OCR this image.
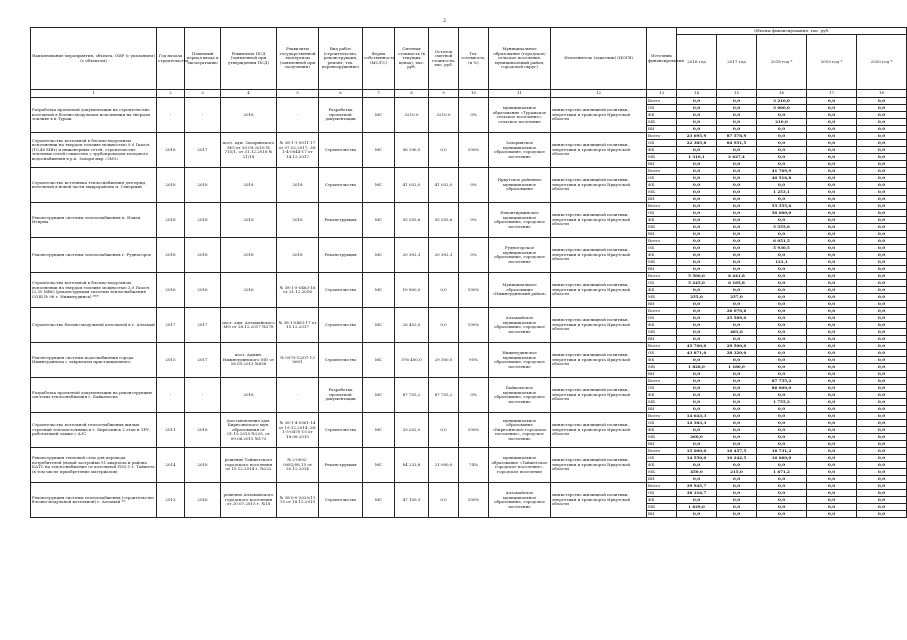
2
Наименование мероприятия, объекта, ОИР (с указанием) (с объектом)	Год начала строительства	Плановый период ввода в эксплуатацию	Реквизиты ПСД (заявленной при утверждении ПСД)	Реквизиты государственной экспертизы (заявленной при получении)	Вид работ (строительство, реконструкция, ремонт, тех. перевооружение)	Форма собственности (МС/ГС)	Сметная стоимость (в текущих ценах), тыс. руб.	Остаток сметной стоимости, тыс. руб.	Тех. готовность, (в %)	Муниципальное образование (городское/сельское поселение, муниципальный район, городской округ)	Исполнитель (заказчик) (ИОГВ)	Источник финансирования	Объемы финансирования, тыс. руб.				
													2016 год	2017 год	2018 год *	2019 год *	2020 год *
1	2	3	4	5	6	7	8	9	10	11	12	13	14	15	16	17	18
Разработка проектной документации на строительство котельной в блочно-модульном исполнении на твердом топливе в п.Тураж	-	-	2018	-	Разработка проектной документации	МС	3210,0	3210,0	0%	муниципальное образование «Туражское сельское поселение», сельское поселение	министерство жилищной политики, энергетики и транспорта Иркутской области	Всего	0,0	0,0	3 210,0	0,0	0,0
												ОБ	0,0	0,0	3 000,0	0,0	0,0
												ФБ	0,0	0,0	0,0	0,0	0,0
												МБ	0,0	0,0	210,0	0,0	0,0
												ВИ	0,0	0,0	0,0	0,0	0,0
Строительство котельной в блочно-модульном исполнении на твердом топливе мощностью 9,0 Гкал/ч (10,46 МВт) и инженерных сетей, строительство тепловых сетей совместно с трубопроводом холодного водоснабжения в р.п. Залари мкр «ЗМЗ»	2016	2017	пост. адм. Заларинского МО от 30.09.2016 № 715/1, от 31.12.2016 № 21/18	№ 38-1-1-0011-17 от 07.02.2017; 38-1-4-0044-17 от 14.12.2017	Строительство	МС	96 296,5	0,0	100%	Заларинское муниципальное образование, городское поселение	министерство жилищной политики, энергетики и транспорта Иркутской области	Всего	23 695,9	87 578,9	0,0	0,0	0,0
												ОБ	22 385,8	84 951,5	0,0	0,0	0,0
												ФБ	0,0	0,0	0,0	0,0	0,0
												МБ	1 310,1	2 627,4	0,0	0,0	0,0
												ВИ	0,0	0,0	0,0	0,0	0,0
Строительство источника теплоснабжения для нужд котельной в новой части микрорайона п. Северный	2018	2018	2018	2018	Строительство	МС	41 032,0	41 032,0	0%	Иркутское районное муниципальное образование	министерство жилищной политики, энергетики и транспорта Иркутской области	Всего	0,0	0,0	41 769,9	0,0	0,0
												ОБ	0,0	0,0	40 516,8	0,0	0,0
												ФБ	0,0	0,0	0,0	0,0	0,0
												МБ	0,0	0,0	1 253,1	0,0	0,0
												ВИ	0,0	0,0	0,0	0,0	0,0
Реконструкция системы теплоснабжения п. Новая Игирма	2018	2018	2018	2018	Реконструкция	МС	55 555,6	55 555,6	0%	Новоигирминское муниципальное образование, городское поселение	министерство жилищной политики, энергетики и транспорта Иркутской области	Всего	0,0	0,0	55 555,6	0,0	0,0
												ОБ	0,0	0,0	50 000,0	0,0	0,0
												ФБ	0,0	0,0	0,0	0,0	0,0
												МБ	0,0	0,0	5 555,6	0,0	0,0
												ВИ	0,0	0,0	0,0	0,0	0,0
Реконструкция системы теплоснабжения г. Рудногорск	2018	2018	2018	2018	Реконструкция	МС	20 392,1	20 392,1	0%	Рудногорское муниципальное образование, городское поселение	министерство жилищной политики, энергетики и транспорта Иркутской области	Всего	0,0	0,0	6 051,5	0,0	0,0
												ОБ	0,0	0,0	5 930,5	0,0	0,0
												ФБ	0,0	0,0	0,0	0,0	0,0
												МБ	0,0	0,0	121,1	0,0	0,0
												ВИ	0,0	0,0	0,0	0,0	0,0
Строительство котельной в блочно-модульном исполнении на твердом топливе мощностью 3,0 Гкал/ч (2,35 МВт) (реконструкция системы теплоснабжения СОШ № 98 г. Нижнеудинск) ***	2016	2016	2016	№ 38-1-5-0483-16 от 21.12.2016	Строительство	МС	10 800,0	0,0	100%	Муниципальное образование «Нижнеудинский район»	министерство жилищной политики, энергетики и транспорта Иркутской области	Всего	5 500,0	6 441,8	0,0	0,0	0,0
												ОБ	5 245,0	6 185,8	0,0	0,0	0,0
												ФБ	0,0	0,0	0,0	0,0	0,0
												МБ	255,0	257,0	0,0	0,0	0,0
												ВИ	0,0	0,0	0,0	0,0	0,0
Строительство блочно-модульной котельной в г. Алзамай	2017	2017	пост. адм. Алзамайского МО от 28.12.2017 №378	№ 38-1-0463-17 от 15.12.2017	Строительство	МС	26 453,0	0,0	100%	Алзамайское муниципальное образование, городское поселение	министерство жилищной политики, энергетики и транспорта Иркутской области	Всего	0,0	26 070,6	0,0	0,0	0,0
												ОБ	0,0	25 589,0	0,0	0,0	0,0
												ФБ	0,0	0,0	0,0	0,0	0,0
												МБ	0,0	481,6	0,0	0,0	0,0
												ВИ	0,0	0,0	0,0	0,0	0,0
Реконструкция системы водоснабжения города Нижнеудинска с закрытием пристанционного	2015	2017	пост. Админ. Нижнеудинского МО от 16.09.2013 №658	№ 0579-12/07-13 0691	Строительство	МС	576 400,0	29 300,0	95%	Нижнеудинское муниципальное образование, городское поселение	министерство жилищной политики, энергетики и транспорта Иркутской области	Всего	45 700,0	29 500,0	0,0	0,0	0,0
												ОБ	43 871,0	28 320,0	0,0	0,0	0,0
												ФБ	0,0	0,0	0,0	0,0	0,0
												МБ	1 828,0	1 180,0	0,0	0,0	0,0
												ВИ	0,0	0,0	0,0	0,0	0,0
Разработка проектной документации на реконструкцию системы теплоснабжения г. Байкальска	-	-	2018	-	Разработка проектной документации	МС	87 755,2	87 755,2	0%	Байкальское муниципальное образование, городское поселение	министерство жилищной политики, энергетики и транспорта Иркутской области	Всего	0,0	0,0	87 755,2	0,0	0,0
												ОБ	0,0	0,0	86 000,0	0,0	0,0
												ФБ	0,0	0,0	0,0	0,0	0,0
												МБ	0,0	0,0	1 755,2	0,0	0,0
												ВИ	0,0	0,0	0,0	0,0	0,0
Строительство котельной теплоснабжения жилых строений теплоисточника в г. Бирюсинск 2 этап и ЗРУ, работающей также с АЗС	2011	2016	(постановление адм. Бирюсинского мун. образования от 01.19.2015 №225, от 09.06.2015 №173	№ 38-1-4-0361-14 от 19.12.2014; 38-1-5-0470-15 от 18.08.2015	Строительство	МС	33 032,0	0,0	100%	муниципальное образование «Бирюсинское городское поселение», городское поселение	министерство жилищной политики, энергетики и транспорта Иркутской области	Всего	14 643,3	0,0	0,0	0,0	0,0
												ОБ	14 383,3	0,0	0,0	0,0	0,0
												ФБ	0,0	0,0	0,0	0,0	0,0
												МБ	260,0	0,0	0,0	0,0	0,0
												ВИ	0,0	0,0	0,0	0,0	0,0
Реконструкция тепловой сети для перевода потребителей (новой застройки 51 квартала и района БАТС на теплоснабжение от котельной ПЭ2-1 г. Тайшета (в том числе приобретение материалов)	2014	2018	решение Тайшетского городского поселения от 15.12.2014 г. №222	№ 2-0092-0082/08.15 от 30.12.2014	Реконструкция	МС	84 233,8	21 000,0	74%	муниципальное образование «Тайшетское городское поселение», городское поселение	министерство жилищной политики, энергетики и транспорта Иркутской области	Всего	15 000,0	10 457,5	16 731,2	0,0	0,0
												ОБ	14 550,0	10 242,5	16 060,0	0,0	0,0
												ФБ	0,0	0,0	0,0	0,0	0,0
												МБ	450,0	215,0	1 671,2	0,0	0,0
												ВИ	0,0	0,0	0,0	0,0	0,0
Реконструкция системы теплоснабжения (строительство блочно-модульной котельной) г. Алзамай **	2013	2016	решение Алзамайского городского поселения от 20.07.2015 г. №18	№ 38-0-0-2020/11 15 от 18.12.2015	Строительство	МС	47 109,3	0,0	100%	Алзамайское муниципальное образование, городское поселение	министерство жилищной политики, энергетики и транспорта Иркутской области	Всего	39 945,7	0,0	0,0	0,0	0,0
												ОБ	38 316,7	0,0	0,0	0,0	0,0
												ФБ	0,0	0,0	0,0	0,0	0,0
												МБ	1 629,0	0,0	0,0	0,0	0,0
												ВИ	0,0	0,0	0,0	0,0	0,0
